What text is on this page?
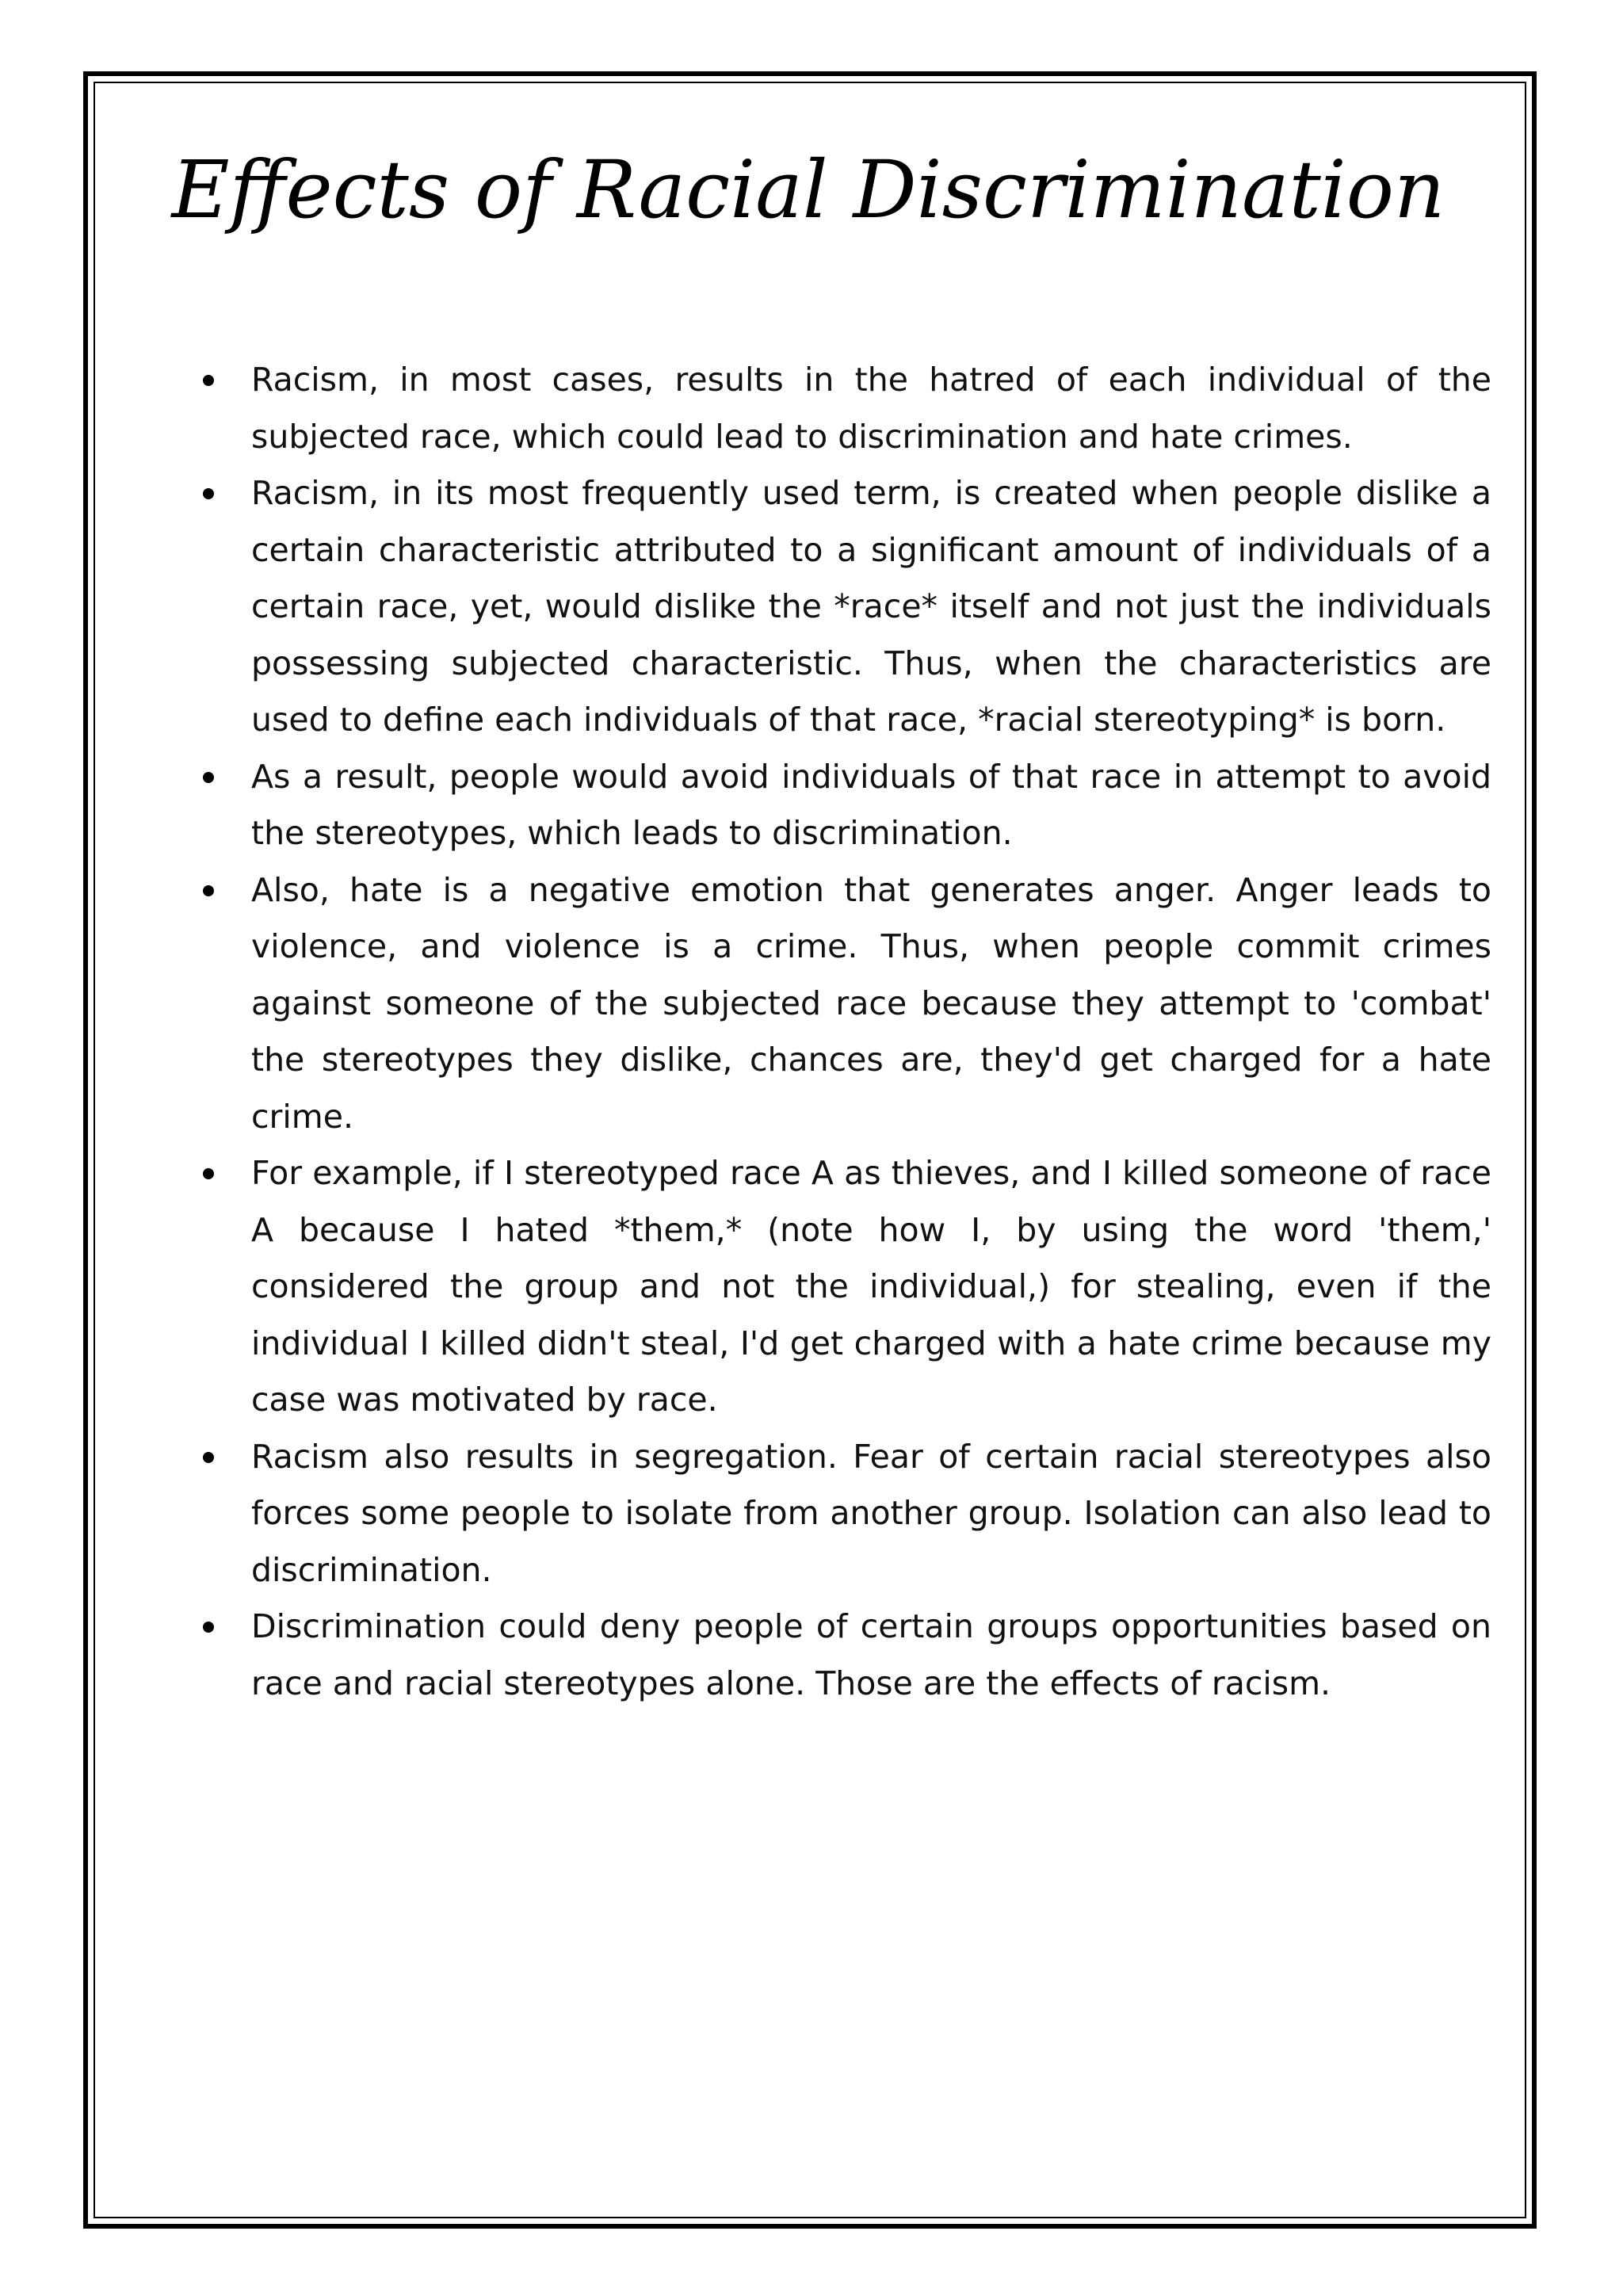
Effects of Racial Discrimination
Racism, in most cases, results in the hatred of each individual of the subjected race, which could lead to discrimination and hate crimes.
Racism, in its most frequently used term, is created when people dislike a certain characteristic attributed to a significant amount of individuals of a certain race, yet, would dislike the *race* itself and not just the individuals possessing subjected characteristic. Thus, when the characteristics are used to define each individuals of that race, *racial stereotyping* is born.
As a result, people would avoid individuals of that race in attempt to avoid the stereotypes, which leads to discrimination.
Also, hate is a negative emotion that generates anger. Anger leads to violence, and violence is a crime. Thus, when people commit crimes against someone of the subjected race because they attempt to 'combat' the stereotypes they dislike, chances are, they'd get charged for a hate crime.
For example, if I stereotyped race A as thieves, and I killed someone of race A because I hated *them,* (note how I, by using the word 'them,' considered the group and not the individual,) for stealing, even if the individual I killed didn't steal, I'd get charged with a hate crime because my case was motivated by race.
Racism also results in segregation. Fear of certain racial stereotypes also forces some people to isolate from another group. Isolation can also lead to discrimination.
Discrimination could deny people of certain groups opportunities based on race and racial stereotypes alone. Those are the effects of racism.
